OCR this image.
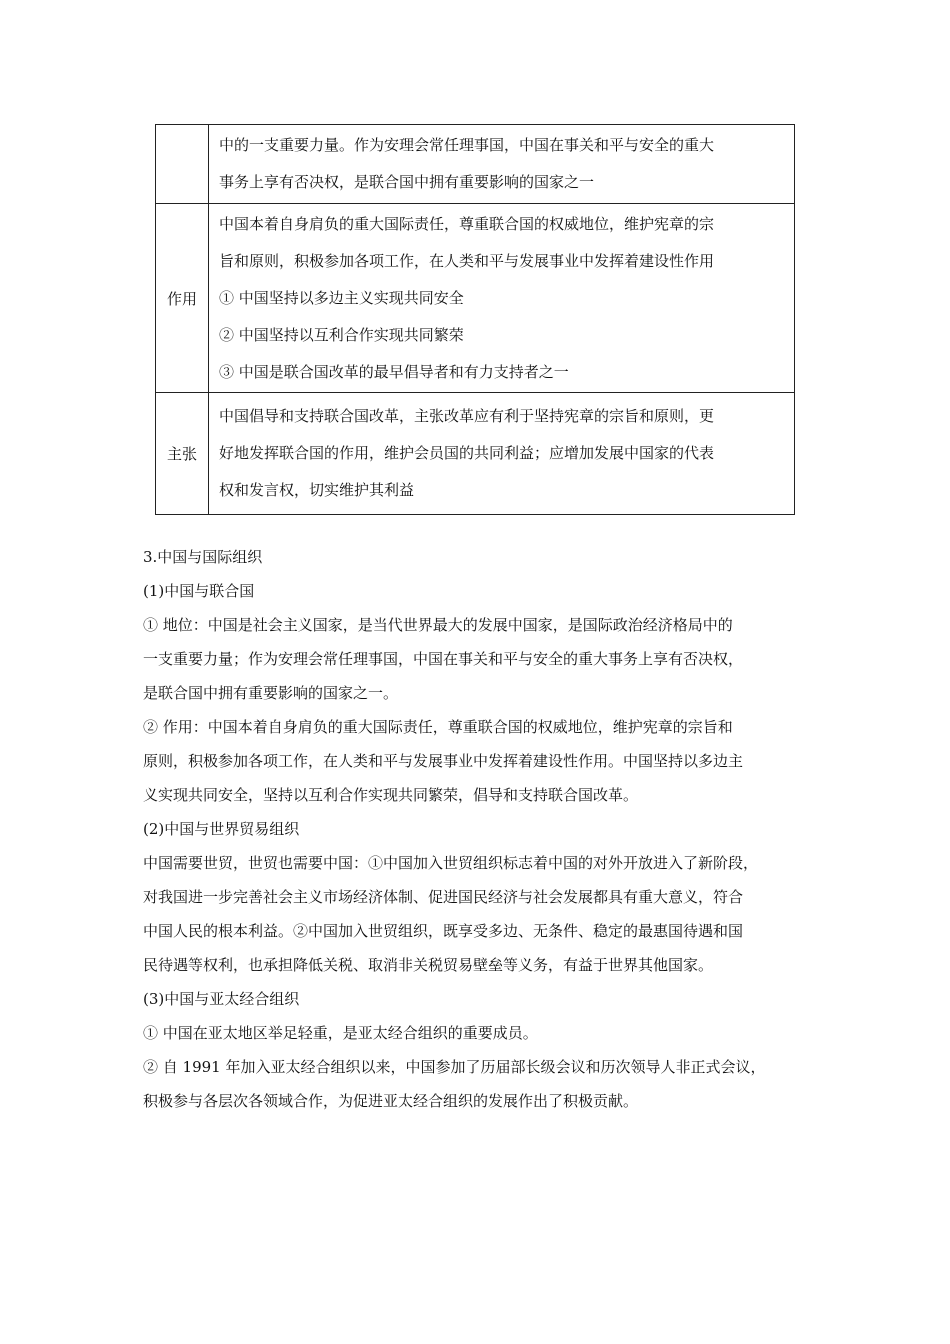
	中的一支重要力量。作为安理会常任理事国，中国在事关和平与安全的重大
事务上享有否决权，是联合国中拥有重要影响的国家之一

作用	中国本着自身肩负的重大国际责任，尊重联合国的权威地位，维护宪章的宗
旨和原则，积极参加各项工作，在人类和平与发展事业中发挥着建设性作用
① 中国坚持以多边主义实现共同安全
② 中国坚持以互利合作实现共同繁荣
③ 中国是联合国改革的最早倡导者和有力支持者之一

主张	中国倡导和支持联合国改革，主张改革应有利于坚持宪章的宗旨和原则，更
好地发挥联合国的作用，维护会员国的共同利益；应增加发展中国家的代表
权和发言权，切实维护其利益
3.中国与国际组织
(1)中国与联合国
① 地位：中国是社会主义国家，是当代世界最大的发展中国家，是国际政治经济格局中的
一支重要力量；作为安理会常任理事国，中国在事关和平与安全的重大事务上享有否决权，
是联合国中拥有重要影响的国家之一。
② 作用：中国本着自身肩负的重大国际责任，尊重联合国的权威地位，维护宪章的宗旨和
原则，积极参加各项工作，在人类和平与发展事业中发挥着建设性作用。中国坚持以多边主
义实现共同安全，坚持以互利合作实现共同繁荣，倡导和支持联合国改革。
(2)中国与世界贸易组织
中国需要世贸，世贸也需要中国：①中国加入世贸组织标志着中国的对外开放进入了新阶段，
对我国进一步完善社会主义市场经济体制、促进国民经济与社会发展都具有重大意义，符合
中国人民的根本利益。②中国加入世贸组织，既享受多边、无条件、稳定的最惠国待遇和国
民待遇等权利，也承担降低关税、取消非关税贸易壁垒等义务，有益于世界其他国家。
(3)中国与亚太经合组织
① 中国在亚太地区举足轻重，是亚太经合组织的重要成员。
② 自 1991 年加入亚太经合组织以来，中国参加了历届部长级会议和历次领导人非正式会议，
积极参与各层次各领域合作，为促进亚太经合组织的发展作出了积极贡献。
